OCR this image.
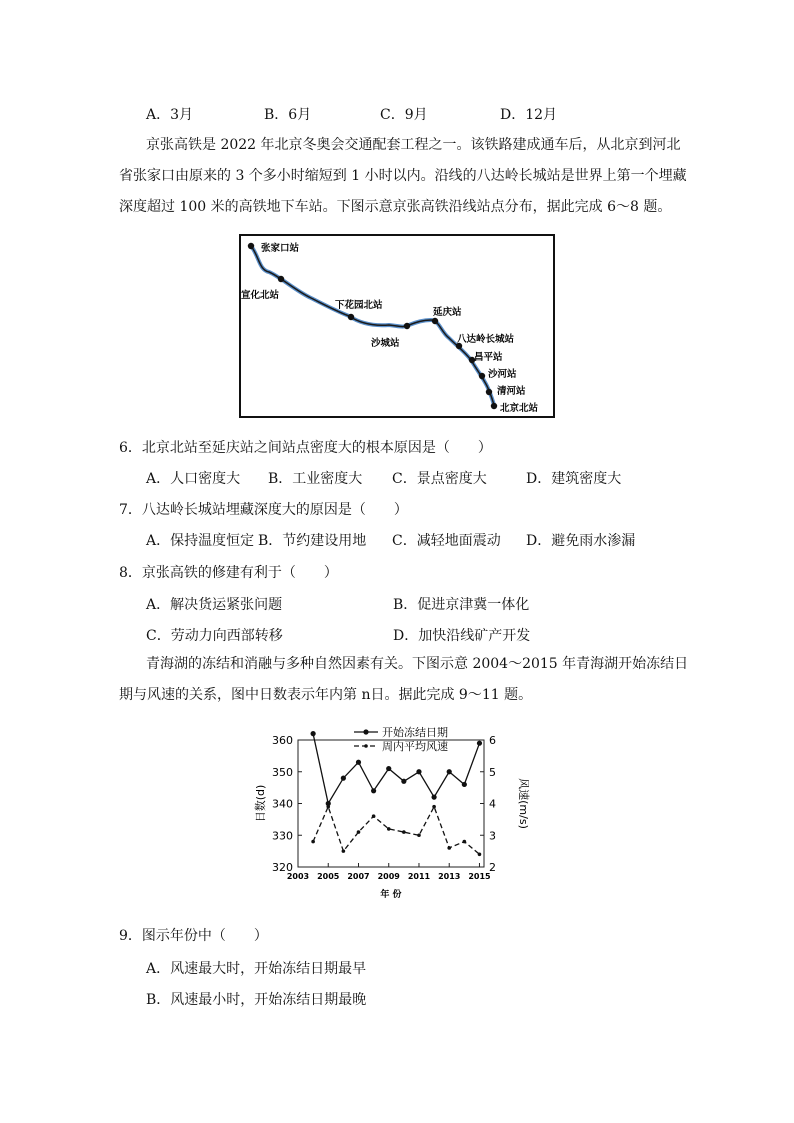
A．3月	B．6月	C．9月	D．12月
京张高铁是 2022 年北京冬奥会交通配套工程之一。该铁路建成通车后，从北京到河北
省张家口由原来的 3 个多小时缩短到 1 小时以内。沿线的八达岭长城站是世界上第一个埋藏
深度超过 100 米的高铁地下车站。下图示意京张高铁沿线站点分布，据此完成 6～8 题。
张家口站
宣化北站
下花园北站
沙城站
延庆站
八达岭长城站
昌平站
沙河站
清河站
北京北站
6．北京北站至延庆站之间站点密度大的根本原因是（　　）
A．人口密度大 B．工业密度大 C．景点密度大	D．建筑密度大
7．八达岭长城站埋藏深度大的原因是（　　）
A．保持温度恒定 B．节约建设用地 C．减轻地面震动 D．避免雨水渗漏
8．京张高铁的修建有利于（　　）
A．解决货运紧张问题	B．促进京津冀一体化
C．劳动力向西部转移	D．加快沿线矿产开发
青海湖的冻结和消融与多种自然因素有关。下图示意 2004～2015 年青海湖开始冻结日
期与风速的关系，图中日数表示年内第 n日。据此完成 9～11 题。
320
330
340
350
360
2
3
4
5
6
2003 2005 2007 2009 2011 2013 2015
日数(d)	风速(m/s)
年 份
开始冻结日期
周内平均风速
9．图示年份中（　　）
A．风速最大时，开始冻结日期最早
B．风速最小时，开始冻结日期最晚
